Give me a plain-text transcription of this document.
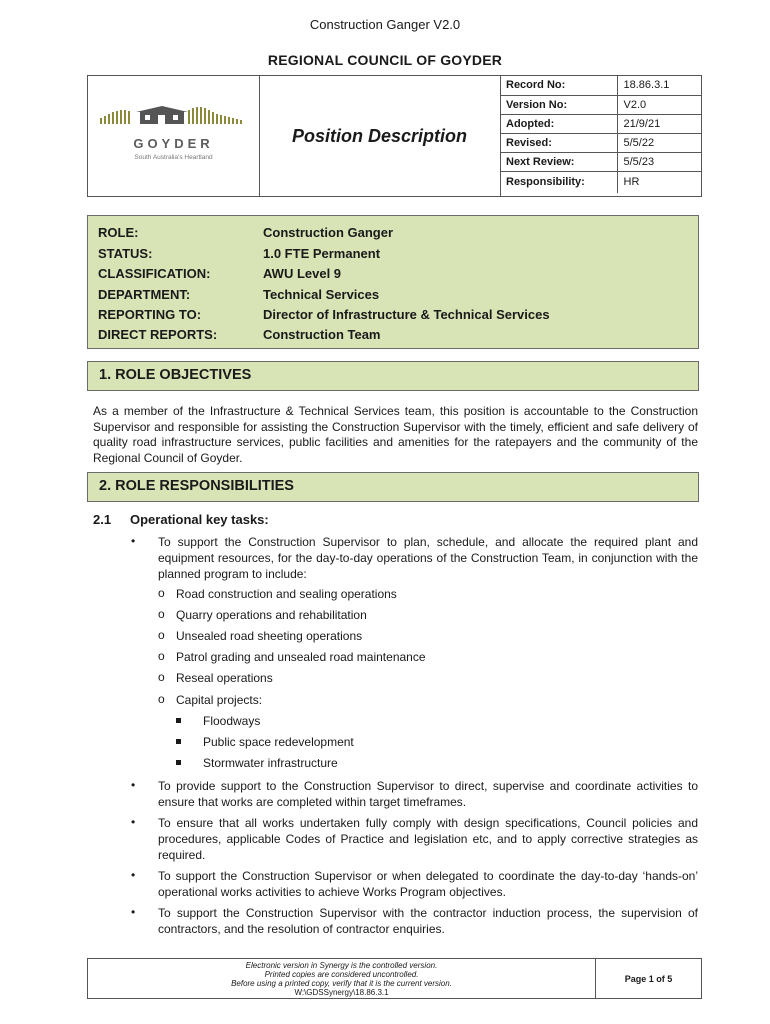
Construction Ganger V2.0
REGIONAL COUNCIL OF GOYDER
GOYDER
South Australia's Heartland
Position Description
Record No:	18.86.3.1
Version No:	V2.0
Adopted:	21/9/21
Revised:	5/5/22
Next Review:	5/5/23
Responsibility:	HR
ROLE:	Construction Ganger
STATUS:	1.0 FTE Permanent
CLASSIFICATION:	AWU Level 9
DEPARTMENT:	Technical Services
REPORTING TO:	Director of Infrastructure & Technical Services
DIRECT REPORTS:	Construction Team
1. ROLE OBJECTIVES

As a member of the Infrastructure & Technical Services team, this position is accountable to the Construction Supervisor and responsible for assisting the Construction Supervisor with the timely, efficient and safe delivery of quality road infrastructure services, public facilities and amenities for the ratepayers and the community of the Regional Council of Goyder.

2. ROLE RESPONSIBILITIES
2.1 Operational key tasks:
• To support the Construction Supervisor to plan, schedule, and allocate the required plant and equipment resources, for the day-to-day operations of the Construction Team, in conjunction with the planned program to include:

o Road construction and sealing operations
o Quarry operations and rehabilitation
o Unsealed road sheeting operations
o Patrol grading and unsealed road maintenance
o Reseal operations
o Capital projects:
Floodways
Public space redevelopment
Stormwater infrastructure
• To provide support to the Construction Supervisor to direct, supervise and coordinate activities to ensure that works are completed within target timeframes.

• To ensure that all works undertaken fully comply with design specifications, Council policies and procedures, applicable Codes of Practice and legislation etc, and to apply corrective strategies as required.

• To support the Construction Supervisor or when delegated to coordinate the day-to-day ‘hands-on’ operational works activities to achieve Works Program objectives.

• To support the Construction Supervisor with the contractor induction process, the supervision of contractors, and the resolution of contractor enquiries.

Electronic version in Synergy is the controlled version.
Printed copies are considered uncontrolled.
Before using a printed copy, verify that it is the current version.
W:\GDSSynergy\18.86.3.1
Page 1 of 5
